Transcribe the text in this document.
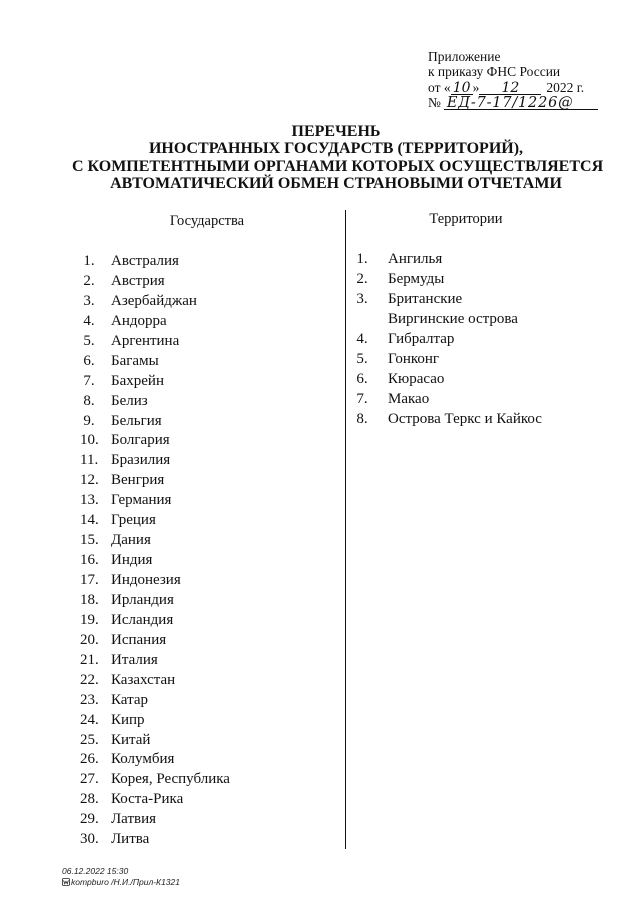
Приложение
к приказу ФНС России
от « 10 » 12 2022 г.
№ ЕД-7-17/1226@
ПЕРЕЧЕНЬ
ИНОСТРАННЫХ ГОСУДАРСТВ (ТЕРРИТОРИЙ),
С КОМПЕТЕНТНЫМИ ОРГАНАМИ КОТОРЫХ ОСУЩЕСТВЛЯЕТСЯ
АВТОМАТИЧЕСКИЙ ОБМЕН СТРАНОВЫМИ ОТЧЕТАМИ
Государства	Территории
1. Австралия
2. Австрия
3. Азербайджан
4. Андорра
5. Аргентина
6. Багамы
7. Бахрейн
8. Белиз
9. Бельгия
10. Болгария
11. Бразилия
12. Венгрия
13. Германия
14. Греция
15. Дания
16. Индия
17. Индонезия
18. Ирландия
19. Исландия
20. Испания
21. Италия
22. Казахстан
23. Катар
24. Кипр
25. Китай
26. Колумбия
27. Корея, Республика
28. Коста-Рика
29. Латвия
30. Литва
1. Ангилья
2. Бермуды
3. Британские Виргинские острова
4. Гибралтар
5. Гонконг
6. Кюрасао
7. Макао
8. Острова Теркс и Кайкос
06.12.2022 15:30
kompburo /Н.И./Прил-К1321
